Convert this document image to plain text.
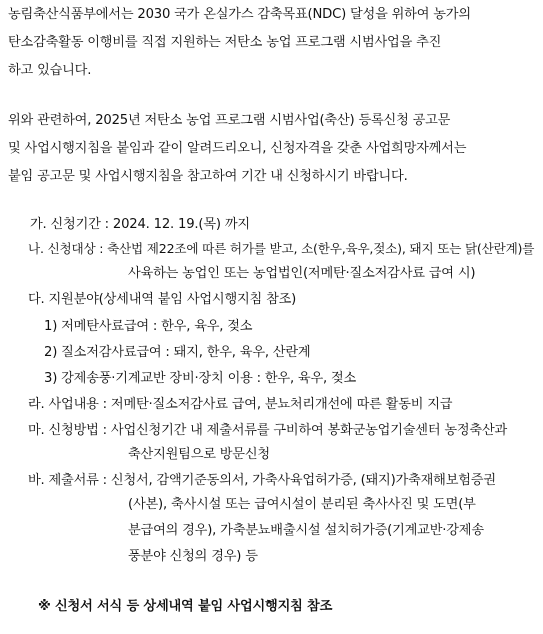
농림축산식품부에서는 2030 국가 온실가스 감축목표(NDC) 달성을 위하여 농가의
탄소감축활동 이행비를 직접 지원하는 저탄소 농업 프로그램 시범사업을 추진
하고 있습니다.
위와 관련하여, 2025년 저탄소 농업 프로그램 시범사업(축산) 등록신청 공고문
및 사업시행지침을 붙임과 같이 알려드리오니, 신청자격을 갖춘 사업희망자께서는
붙임 공고문 및 사업시행지침을 참고하여 기간 내 신청하시기 바랍니다.
가. 신청기간 : 2024. 12. 19.(목) 까지
나. 신청대상 : 축산법 제22조에 따른 허가를 받고, 소(한우,육우,젖소), 돼지 또는 닭(산란계)를
사육하는 농업인 또는 농업법인(저메탄·질소저감사료 급여 시)
다. 지원분야(상세내역 붙임 사업시행지침 참조)
1) 저메탄사료급여 : 한우, 육우, 젖소
2) 질소저감사료급여 : 돼지, 한우, 육우, 산란계
3) 강제송풍·기계교반 장비·장치 이용 : 한우, 육우, 젖소
라. 사업내용 : 저메탄·질소저감사료 급여, 분뇨처리개선에 따른 활동비 지급
마. 신청방법 : 사업신청기간 내 제출서류를 구비하여 봉화군농업기술센터 농정축산과
축산지원팀으로 방문신청
바. 제출서류 : 신청서, 감액기준동의서, 가축사육업허가증, (돼지)가축재해보험증권
(사본), 축사시설 또는 급여시설이 분리된 축사사진 및 도면(부
분급여의 경우), 가축분뇨배출시설 설치허가증(기계교반·강제송
풍분야 신청의 경우) 등
※ 신청서 서식 등 상세내역 붙임 사업시행지침 참조
